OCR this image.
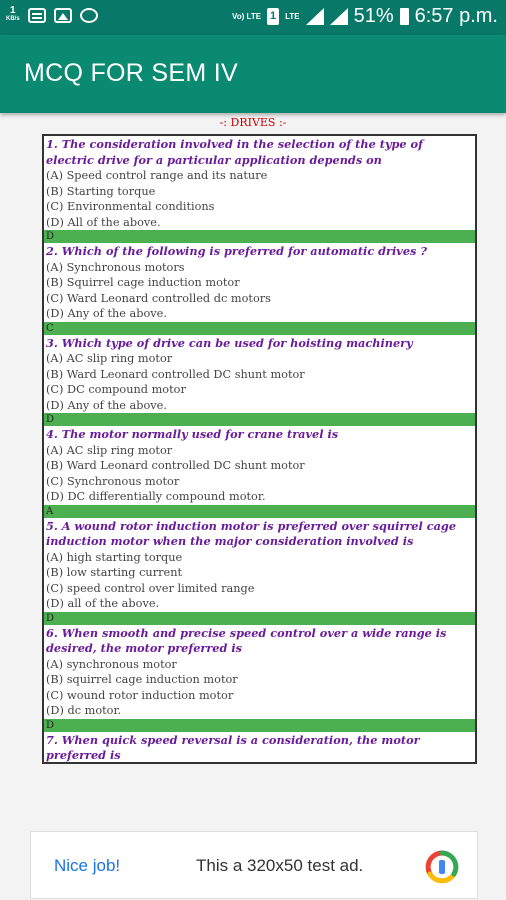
1
KB/s	Vo) LTE 1	LTE	51% 6:57 p.m.
MCQ FOR SEM IV
-: DRIVES :-
1. The consideration involved in the selection of the type of electric drive for a particular application depends on
(A) Speed control range and its nature
(B) Starting torque
(C) Environmental conditions
(D) All of the above.
D
2. Which of the following is preferred for automatic drives ?
(A) Synchronous motors
(B) Squirrel cage induction motor
(C) Ward Leonard controlled dc motors
(D) Any of the above.
C
3. Which type of drive can be used for hoisting machinery
(A) AC slip ring motor
(B) Ward Leonard controlled DC shunt motor
(C) DC compound motor
(D) Any of the above.
D
4. The motor normally used for crane travel is
(A) AC slip ring motor
(B) Ward Leonard controlled DC shunt motor
(C) Synchronous motor
(D) DC differentially compound motor.
A
5. A wound rotor induction motor is preferred over squirrel cage induction motor when the major consideration involved is
(A) high starting torque
(B) low starting current
(C) speed control over limited range
(D) all of the above.
D
6. When smooth and precise speed control over a wide range is desired, the motor preferred is
(A) synchronous motor
(B) squirrel cage induction motor
(C) wound rotor induction motor
(D) dc motor.
D
7. When quick speed reversal is a consideration, the motor preferred is
Nice job!	This a 320x50 test ad.
